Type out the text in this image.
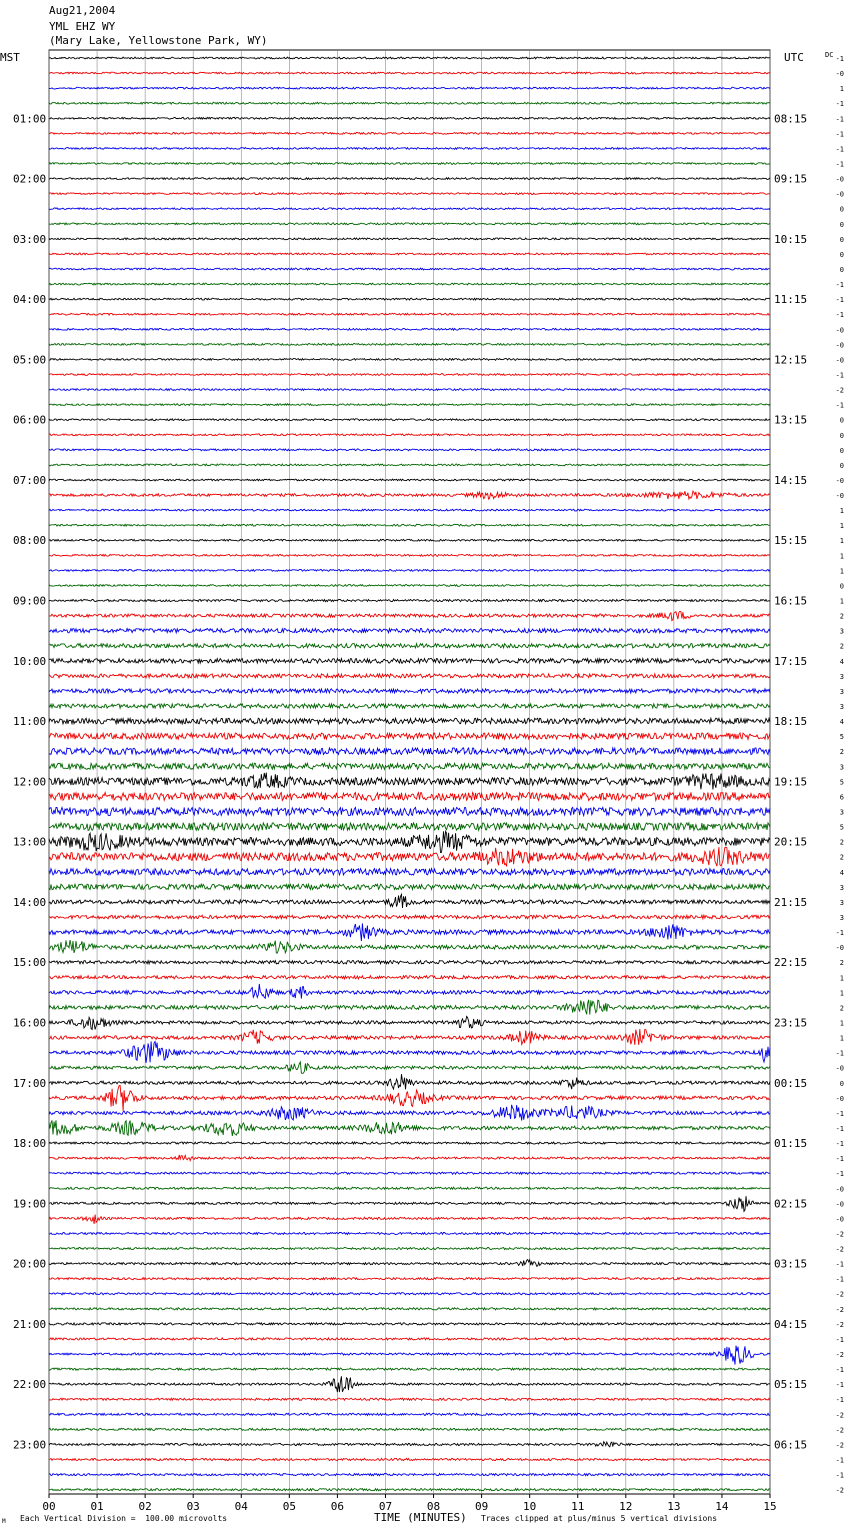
01:00
02:00
03:00
04:00
05:00
06:00
07:00
08:00
09:00
10:00
11:00
12:00
13:00
14:00
15:00
16:00
17:00
18:00
19:00
20:00
21:00
22:00
23:00
08:15
09:15
10:15
11:15
12:15
13:15
14:15
15:15
16:15
17:15
18:15
19:15
20:15
21:15
22:15
23:15
00:15
01:15
02:15
03:15
04:15
05:15
06:15
-1
-0
1
-1
-1
-1
-1
-1
-0
-0
0
0
0
0
0
-1
-1
-1
-0
-0
-0
-1
-2
-1
0
0
0
0
-0
-0
1
1
1
1
1
0
1
2
3
2
4
3
3
3
4
5
2
3
5
6
3
5
2
2
4
3
3
3
-1
-0
2
1
1
2
1
1
-1
-0
0
-0
-1
-1
-1
-1
-1
-0
-0
-0
-2
-2
-1
-1
-2
-2
-2
-1
-2
-1
-1
-1
-2
-2
-2
-1
-1
-2
00	01	02	03	04	05	06	07	08	09	10	11	12	13	14	15
MST	UTC	DC
Aug21,2004
YML EHZ WY
(Mary Lake, Yellowstone Park, WY)
M Each Vertical Division =  100.00 microvolts	TIME (MINUTES) Traces clipped at plus/minus 5 vertical divisions
